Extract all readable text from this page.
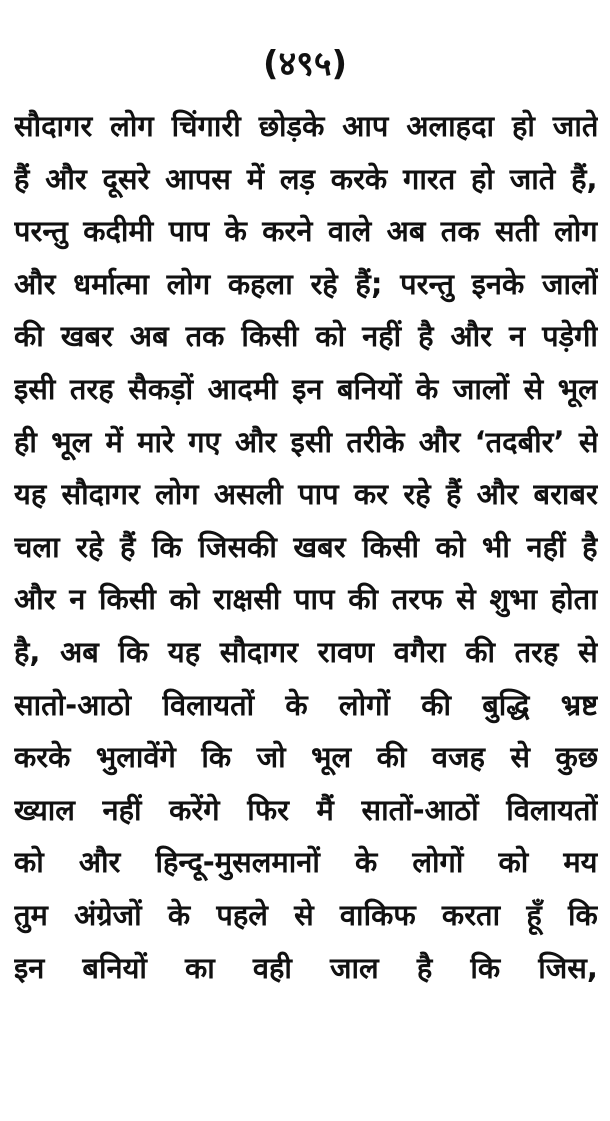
(४९५)
सौदागर लोग चिंगारी छोड़के आप अलाहदा हो जाते
हैं और दूसरे आपस में लड़ करके गारत हो जाते हैं,
परन्तु कदीमी पाप के करने वाले अब तक सती लोग
और धर्मात्मा लोग कहला रहे हैं; परन्तु इनके जालों
की खबर अब तक किसी को नहीं है और न पड़ेगी
इसी तरह सैकड़ों आदमी इन बनियों के जालों से भूल
ही भूल में मारे गए और इसी तरीके और ‘तदबीर’ से
यह सौदागर लोग असली पाप कर रहे हैं और बराबर
चला रहे हैं कि जिसकी खबर किसी को भी नहीं है
और न किसी को राक्षसी पाप की तरफ से शुभा होता
है, अब कि यह सौदागर रावण वगैरा की तरह से
सातो-आठो विलायतों के लोगों की बुद्धि भ्रष्ट
करके भुलावेंगे कि जो भूल की वजह से कुछ
ख्याल नहीं करेंगे फिर मैं सातों-आठों विलायतों
को और हिन्दू-मुसलमानों के लोगों को मय
तुम अंग्रेजों के पहले से वाकिफ करता हूँ कि
इन बनियों का वही जाल है कि जिस,
